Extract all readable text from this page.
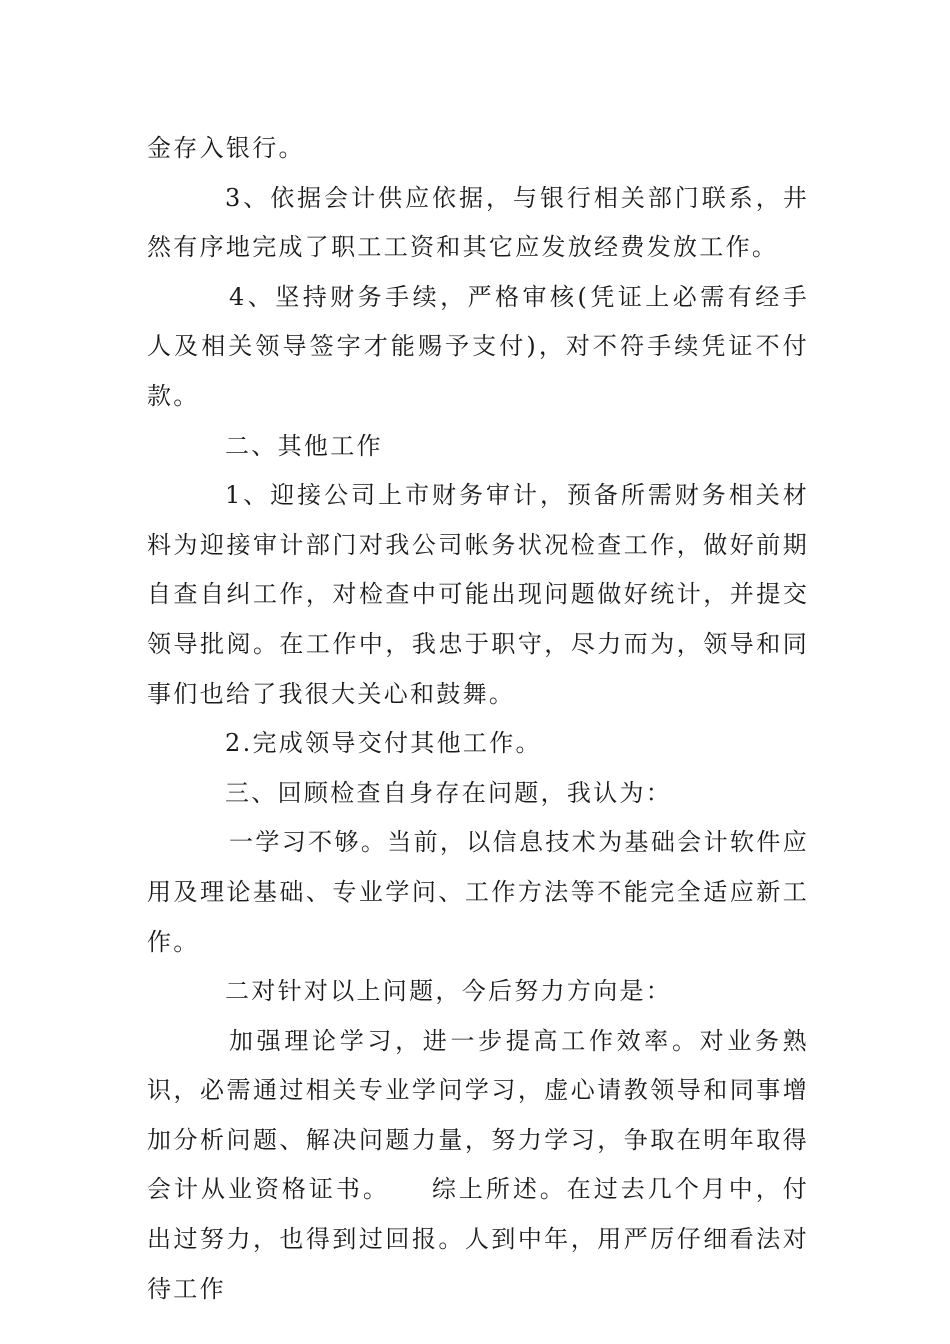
金存入银行。

3、依据会计供应依据，与银行相关部门联系，井然有序地完成了职工工资和其它应发放经费发放工作。

4、坚持财务手续，严格审核(凭证上必需有经手人及相关领导签字才能赐予支付)，对不符手续凭证不付款。

二、其他工作

1、迎接公司上市财务审计，预备所需财务相关材料为迎接审计部门对我公司帐务状况检查工作，做好前期自查自纠工作，对检查中可能出现问题做好统计，并提交领导批阅。在工作中，我忠于职守，尽力而为，领导和同事们也给了我很大关心和鼓舞。

2.完成领导交付其他工作。

三、回顾检查自身存在问题，我认为：

一学习不够。当前，以信息技术为基础会计软件应用及理论基础、专业学问、工作方法等不能完全适应新工作。

二对针对以上问题，今后努力方向是：

加强理论学习，进一步提高工作效率。对业务熟识，必需通过相关专业学问学习，虚心请教领导和同事增加分析问题、解决问题力量，努力学习，争取在明年取得会计从业资格证书。　　综上所述。在过去几个月中，付出过努力，也得到过回报。人到中年，用严厉仔细看法对待工作
